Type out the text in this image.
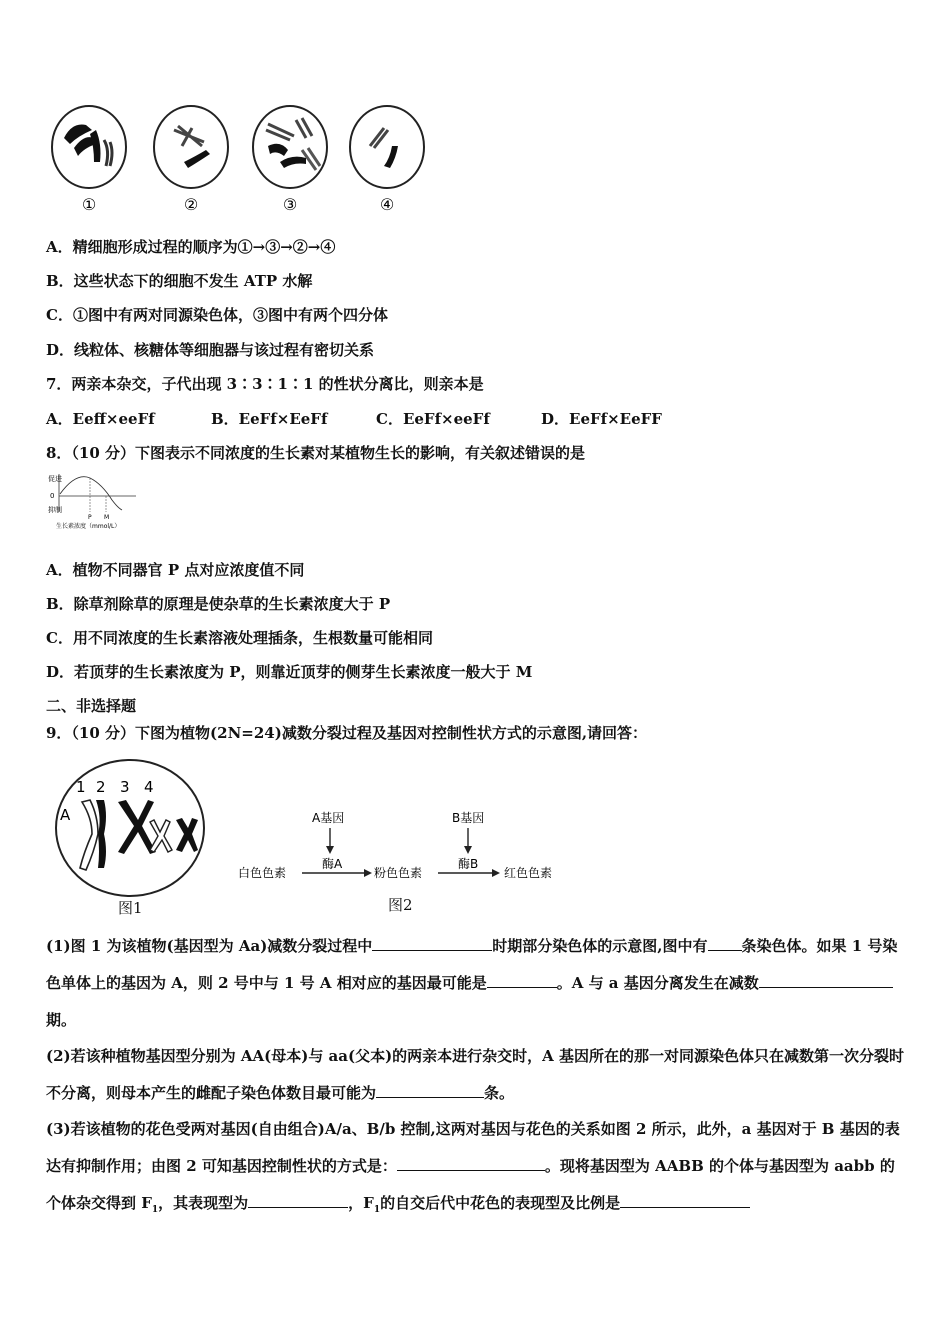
①	②	③	④
A．精细胞形成过程的顺序为①→③→②→④
B．这些状态下的细胞不发生 ATP 水解
C．①图中有两对同源染色体，③图中有两个四分体
D．线粒体、核糖体等细胞器与该过程有密切关系
7．两亲本杂交，子代出现 3∶3∶1∶1 的性状分离比，则亲本是
A．Eeff×eeFf	B．EeFf×EeFf	C．EeFf×eeFf	D．EeFf×EeFF
8．（10 分）下图表示不同浓度的生长素对某植物生长的影响，有关叙述错误的是
促进
0
抑制
P M
生长素浓度（mmol/L）
A．植物不同器官 P 点对应浓度值不同
B．除草剂除草的原理是使杂草的生长素浓度大于 P
C．用不同浓度的生长素溶液处理插条，生根数量可能相同
D．若顶芽的生长素浓度为 P，则靠近顶芽的侧芽生长素浓度一般大于 M
二、非选择题
9．（10 分）下图为植物(2N=24)减数分裂过程及基因对控制性状方式的示意图,请回答：
1 2 3 4
A
图1
A基因	B基因
酶A	酶B
白色色素	粉色色素	红色色素
图2
(1)图 1 为该植物(基因型为 Aa)减数分裂过程中	时期部分染色体的示意图,图中有 条染色体。如果 1 号染色单体上的基因为 A，则 2 号中与 1 号 A 相对应的基因最可能是	。A 与 a 基因分离发生在减数期。
(2)若该种植物基因型分别为 AA(母本)与 aa(父本)的两亲本进行杂交时，A 基因所在的那一对同源染色体只在减数第一次分裂时不分离，则母本产生的雌配子染色体数目最可能为	条。
(3)若该植物的花色受两对基因(自由组合)A/a、B/b 控制,这两对基因与花色的关系如图 2 所示，此外，a 基因对于 B 基因的表达有抑制作用；由图 2 可知基因控制性状的方式是：	。现将基因型为 AABB 的个体与基因型为 aabb 的个体杂交得到 $F_1$，其表现型为	，$F_1$的自交后代中花色的表现型及比例是
